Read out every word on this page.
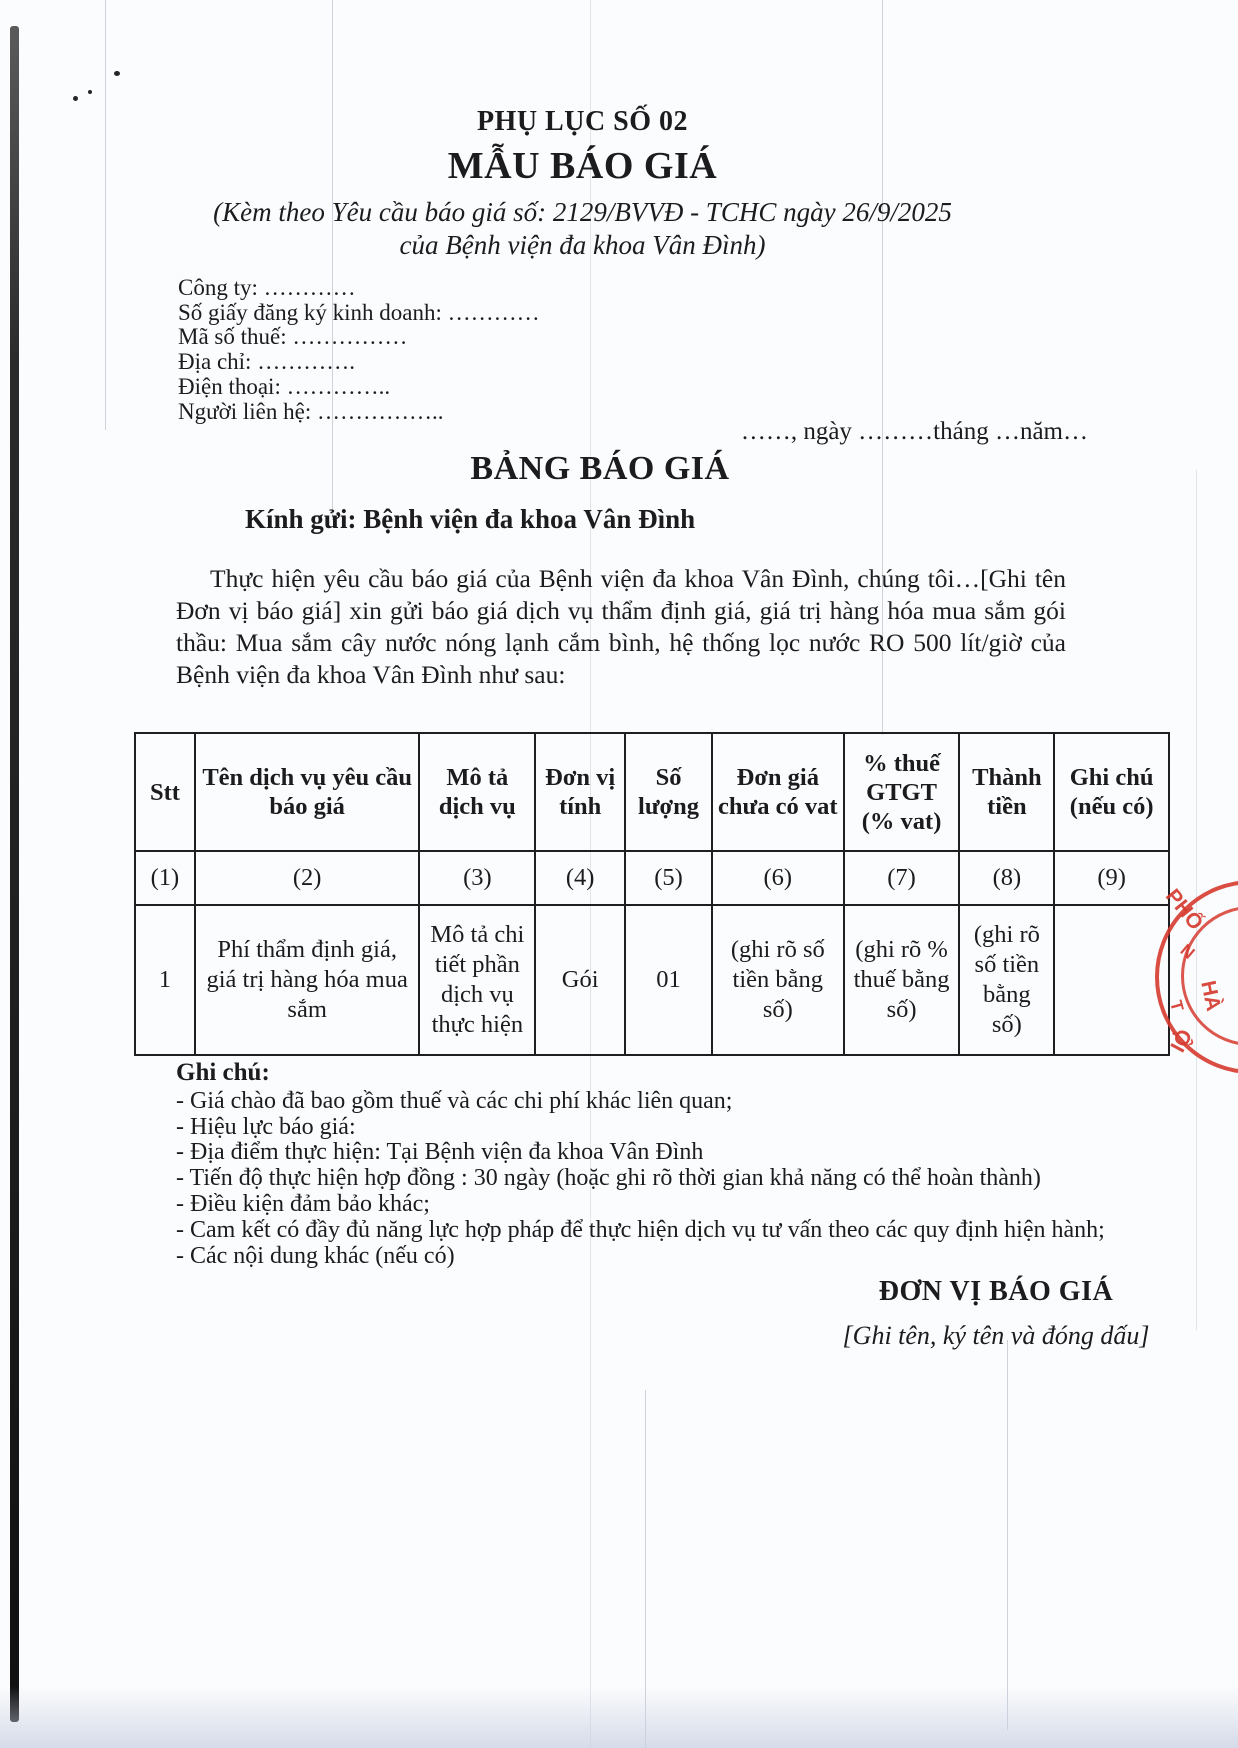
PHỤ LỤC SỐ 02
MẪU BÁO GIÁ
(Kèm theo Yêu cầu báo giá số: 2129/BVVĐ - TCHC ngày 26/9/2025
của Bệnh viện đa khoa Vân Đình)
Công ty: …………
Số giấy đăng ký kinh doanh: …………
Mã số thuế: ……………
Địa chỉ: ………….
Điện thoại: …………..
Người liên hệ: ……………..
……, ngày ………tháng …năm…
BẢNG BÁO GIÁ
Kính gửi: Bệnh viện đa khoa Vân Đình

Thực hiện yêu cầu báo giá của Bệnh viện đa khoa Vân Đình, chúng tôi…[Ghi tên Đơn vị báo giá] xin gửi báo giá dịch vụ thẩm định giá, giá trị hàng hóa mua sắm gói thầu: Mua sắm cây nước nóng lạnh cắm bình, hệ thống lọc nước RO 500 lít/giờ của Bệnh viện đa khoa Vân Đình như sau:

Stt	Tên dịch vụ yêu cầu báo giá	Mô tả dịch vụ	Đơn vị tính	Số lượng	Đơn giá chưa có vat	% thuế GTGT (% vat)	Thành tiền	Ghi chú (nếu có)
(1)	(2)	(3)	(4)	(5)	(6)	(7)	(8)	(9)
1	Phí thẩm định giá, giá trị hàng hóa mua sắm	Mô tả chi tiết phần dịch vụ thực hiện	Gói	01	(ghi rõ số tiền bằng số)	(ghi rõ % thuế bằng số)	(ghi rõ số tiền bằng số)	
Ghi chú:
- Giá chào đã bao gồm thuế và các chi phí khác liên quan;
- Hiệu lực báo giá:
- Địa điểm thực hiện: Tại Bệnh viện đa khoa Vân Đình
- Tiến độ thực hiện hợp đồng : 30 ngày (hoặc ghi rõ thời gian khả năng có thể hoàn thành)
- Điều kiện đảm bảo khác;
- Cam kết có đầy đủ năng lực hợp pháp để thực hiện dịch vụ tư vấn theo các quy định hiện hành;
- Các nội dung khác (nếu có)
ĐƠN VỊ BÁO GIÁ
[Ghi tên, ký tên và đóng dấu]
PHỐ
HÀ
ỘI
N
T
